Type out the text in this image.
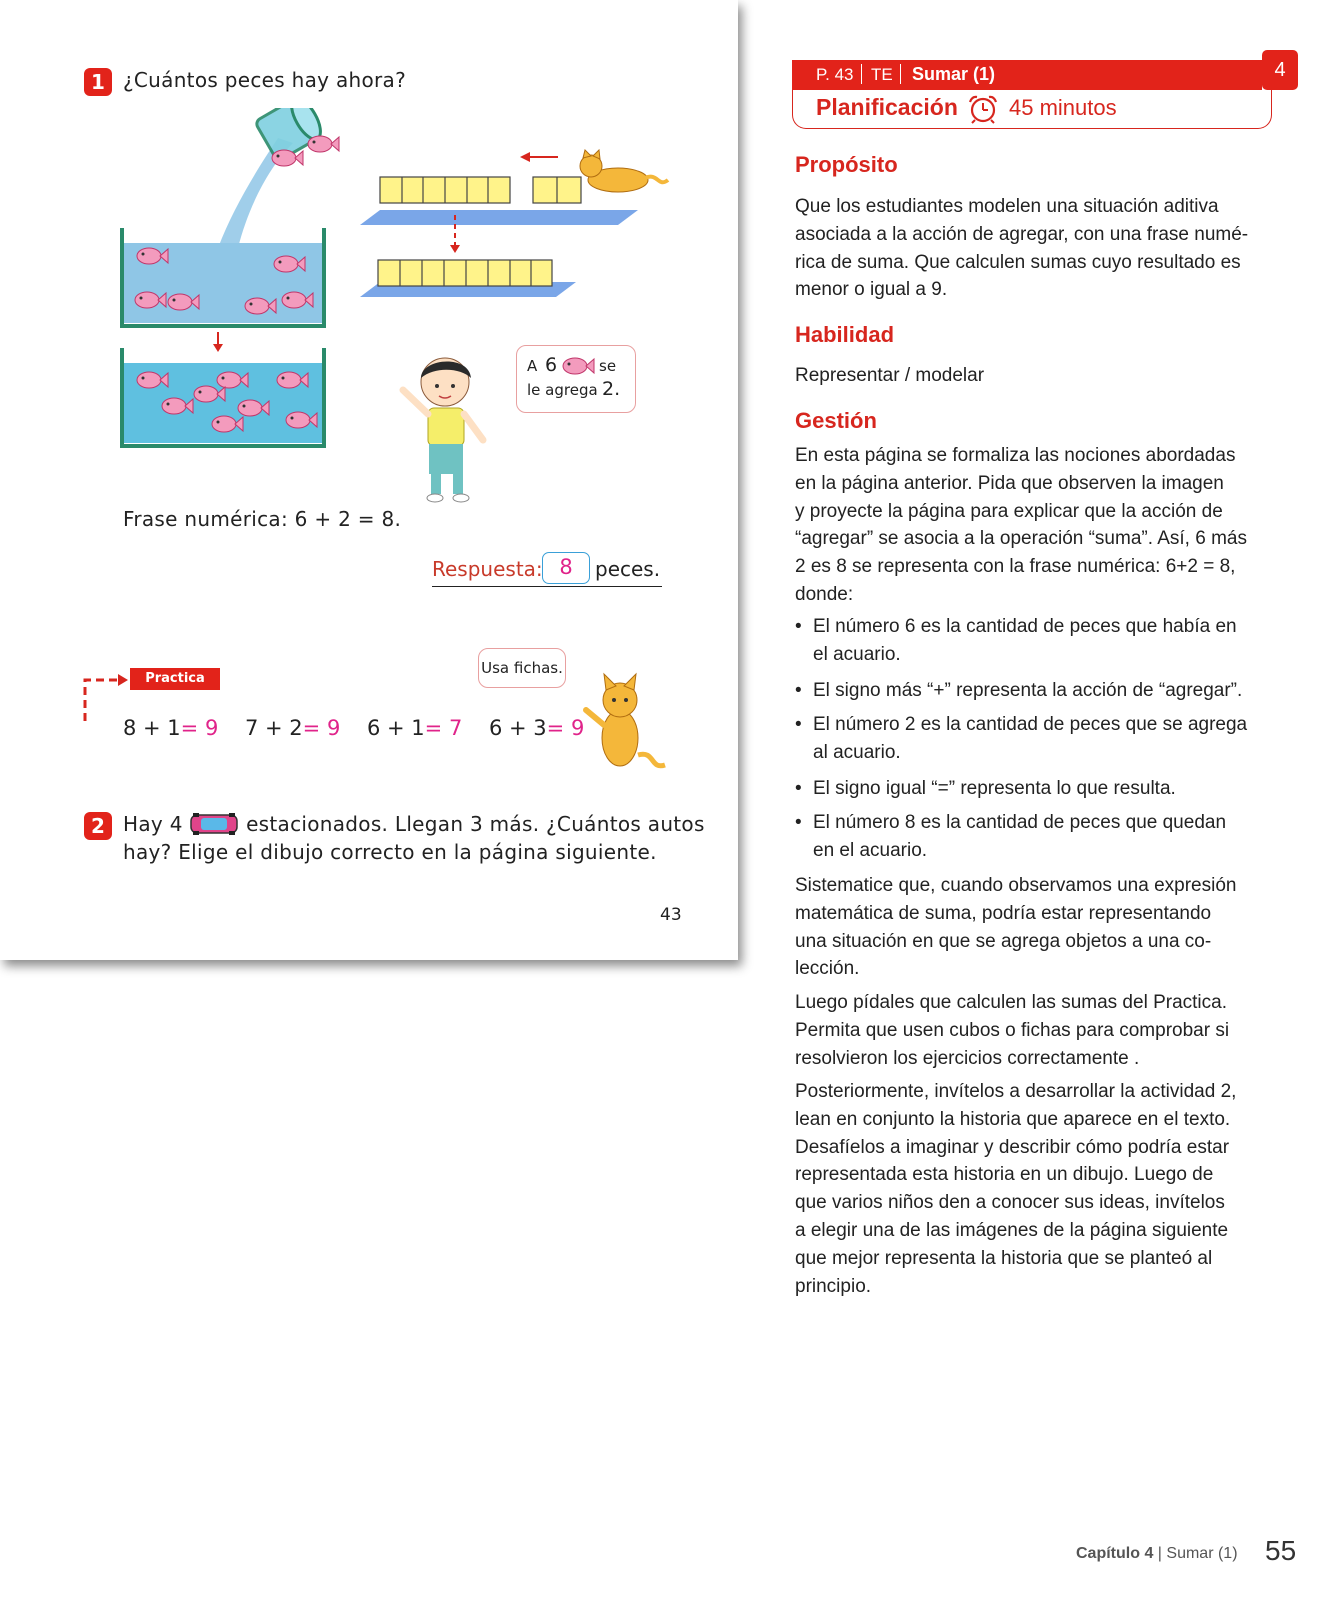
1 ¿Cuántos peces hay ahora?
A 6	se
le agrega 2.
Frase numérica: 6 + 2 = 8.
Respuesta: 8	peces.
Practica
Usa fichas.
8 + 1= 9 7 + 2= 9 6 + 1= 7 6 + 3= 9
2 Hay 4	estacionados. Llegan 3 más. ¿Cuántos autos
hay? Elige el dibujo correcto en la página siguiente.
43
P. 43 TE Sumar (1)	4
Planificación 45 minutos
Propósito
Que los estudiantes modelen una situación aditiva
asociada a la acción de agregar, con una frase numé-
rica de suma. Que calculen sumas cuyo resultado es
menor o igual a 9.
Habilidad
Representar / modelar
Gestión
En esta página se formaliza las nociones abordadas
en la página anterior. Pida que observen la imagen
y proyecte la página para explicar que la acción de
“agregar” se asocia a la operación “suma”. Así, 6 más
2 es 8 se representa con la frase numérica: 6+2 = 8,
donde:
• El número 6 es la cantidad de peces que había en
el acuario.
• El signo más “+” representa la acción de “agregar”.
• El número 2 es la cantidad de peces que se agrega
al acuario.
• El signo igual “=” representa lo que resulta.
• El número 8 es la cantidad de peces que quedan
en el acuario.
Sistematice que, cuando observamos una expresión
matemática de suma, podría estar representando
una situación en que se agrega objetos a una co-
lección.
Luego pídales que calculen las sumas del Practica.
Permita que usen cubos o fichas para comprobar si
resolvieron los ejercicios correctamente .
Posteriormente, invítelos a desarrollar la actividad 2,
lean en conjunto la historia que aparece en el texto.
Desafíelos a imaginar y describir cómo podría estar
representada esta historia en un dibujo. Luego de
que varios niños den a conocer sus ideas, invítelos
a elegir una de las imágenes de la página siguiente
que mejor representa la historia que se planteó al
principio.
Capítulo 4 | Sumar (1) 55
